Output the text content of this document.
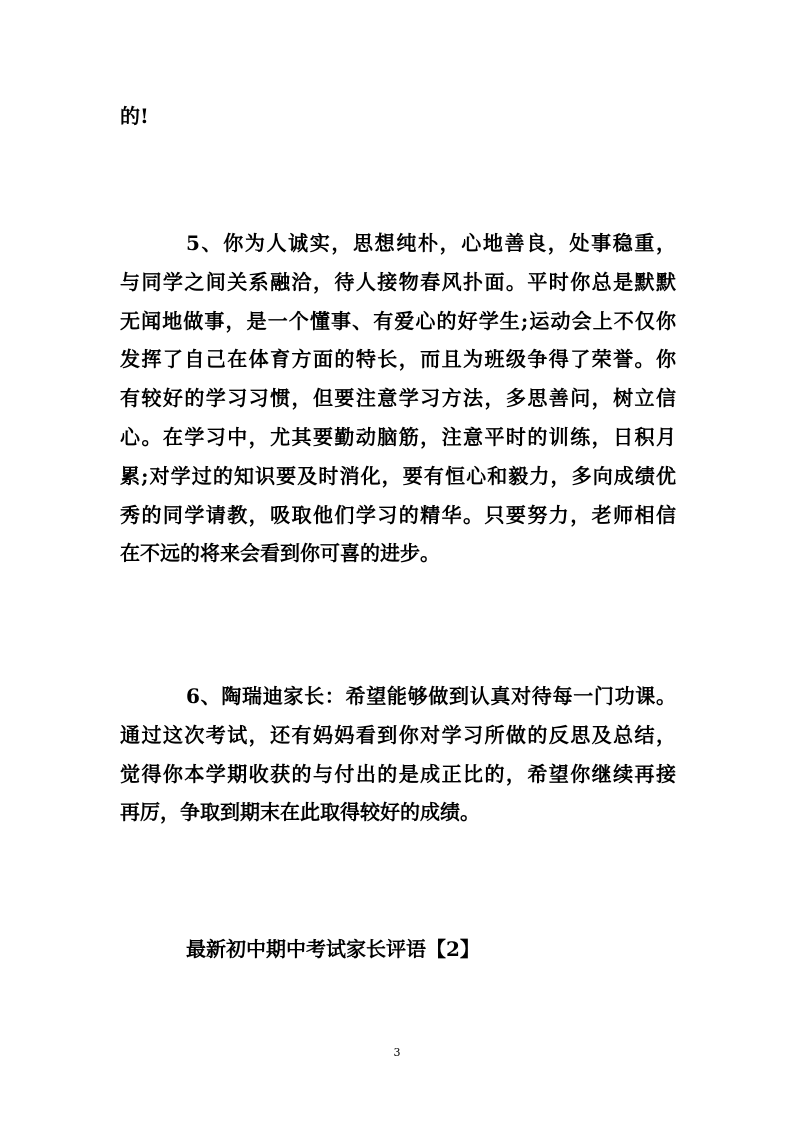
的!

5、你为人诚实，思想纯朴，心地善良，处事稳重，
与同学之间关系融洽，待人接物春风扑面。平时你总是默默
无闻地做事，是一个懂事、有爱心的好学生;运动会上不仅你
发挥了自己在体育方面的特长，而且为班级争得了荣誉。你
有较好的学习习惯，但要注意学习方法，多思善问，树立信
心。在学习中，尤其要勤动脑筋，注意平时的训练，日积月
累;对学过的知识要及时消化，要有恒心和毅力，多向成绩优
秀的同学请教，吸取他们学习的精华。只要努力，老师相信
在不远的将来会看到你可喜的进步。

6、陶瑞迪家长：希望能够做到认真对待每一门功课。
通过这次考试，还有妈妈看到你对学习所做的反思及总结，
觉得你本学期收获的与付出的是成正比的，希望你继续再接
再厉，争取到期末在此取得较好的成绩。

最新初中期中考试家长评语【2】

3
